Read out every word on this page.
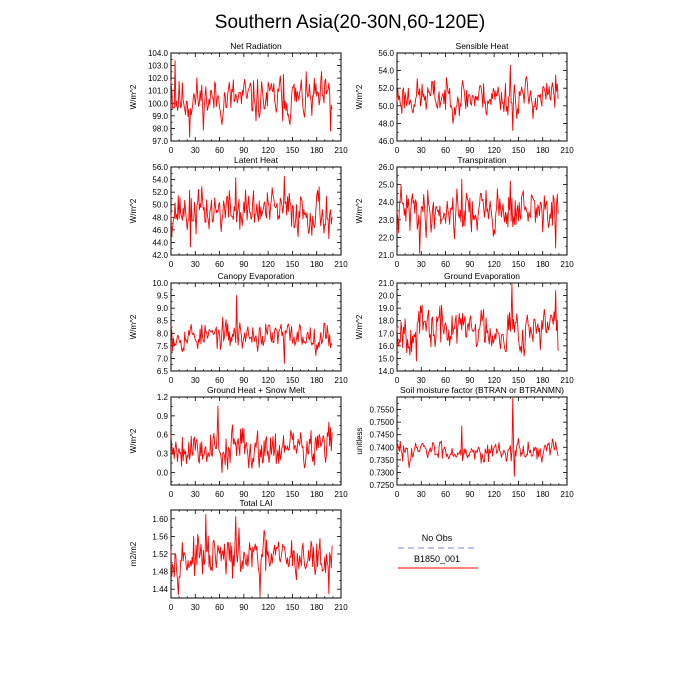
Southern Asia(20-30N,60-120E)
Net Radiation
W/m^2
0 30 60 90 120 150 180 210
97.0
98.0
99.0
100.0
101.0
102.0
103.0
104.0
Sensible Heat
W/m^2
0 30 60 90 120 150 180 210
46.0
48.0
50.0
52.0
54.0
56.0
Latent Heat
W/m^2
0 30 60 90 120 150 180 210
42.0
44.0
46.0
48.0
50.0
52.0
54.0
56.0
Transpiration
W/m^2
0 30 60 90 120 150 180 210
21.0
22.0
23.0
24.0
25.0
26.0
Canopy Evaporation
W/m^2
0 30 60 90 120 150 180 210
6.5
7.0
7.5
8.0
8.5
9.0
9.5
10.0
Ground Evaporation
W/m^2
0 30 60 90 120 150 180 210
14.0
15.0
16.0
17.0
18.0
19.0
20.0
21.0
Ground Heat + Snow Melt
W/m^2
0 30 60 90 120 150 180 210
0.0
0.3
0.6
0.9
1.2
Soil moisture factor (BTRAN or BTRANMN)
unitless
0 30 60 90 120 150 180 210
0.7250
0.7300
0.7350
0.7400
0.7450
0.7500
0.7550
Total LAI
m2/m2
0 30 60 90 120 150 180 210
1.44
1.48
1.52
1.56
1.60
No Obs
B1850_001
